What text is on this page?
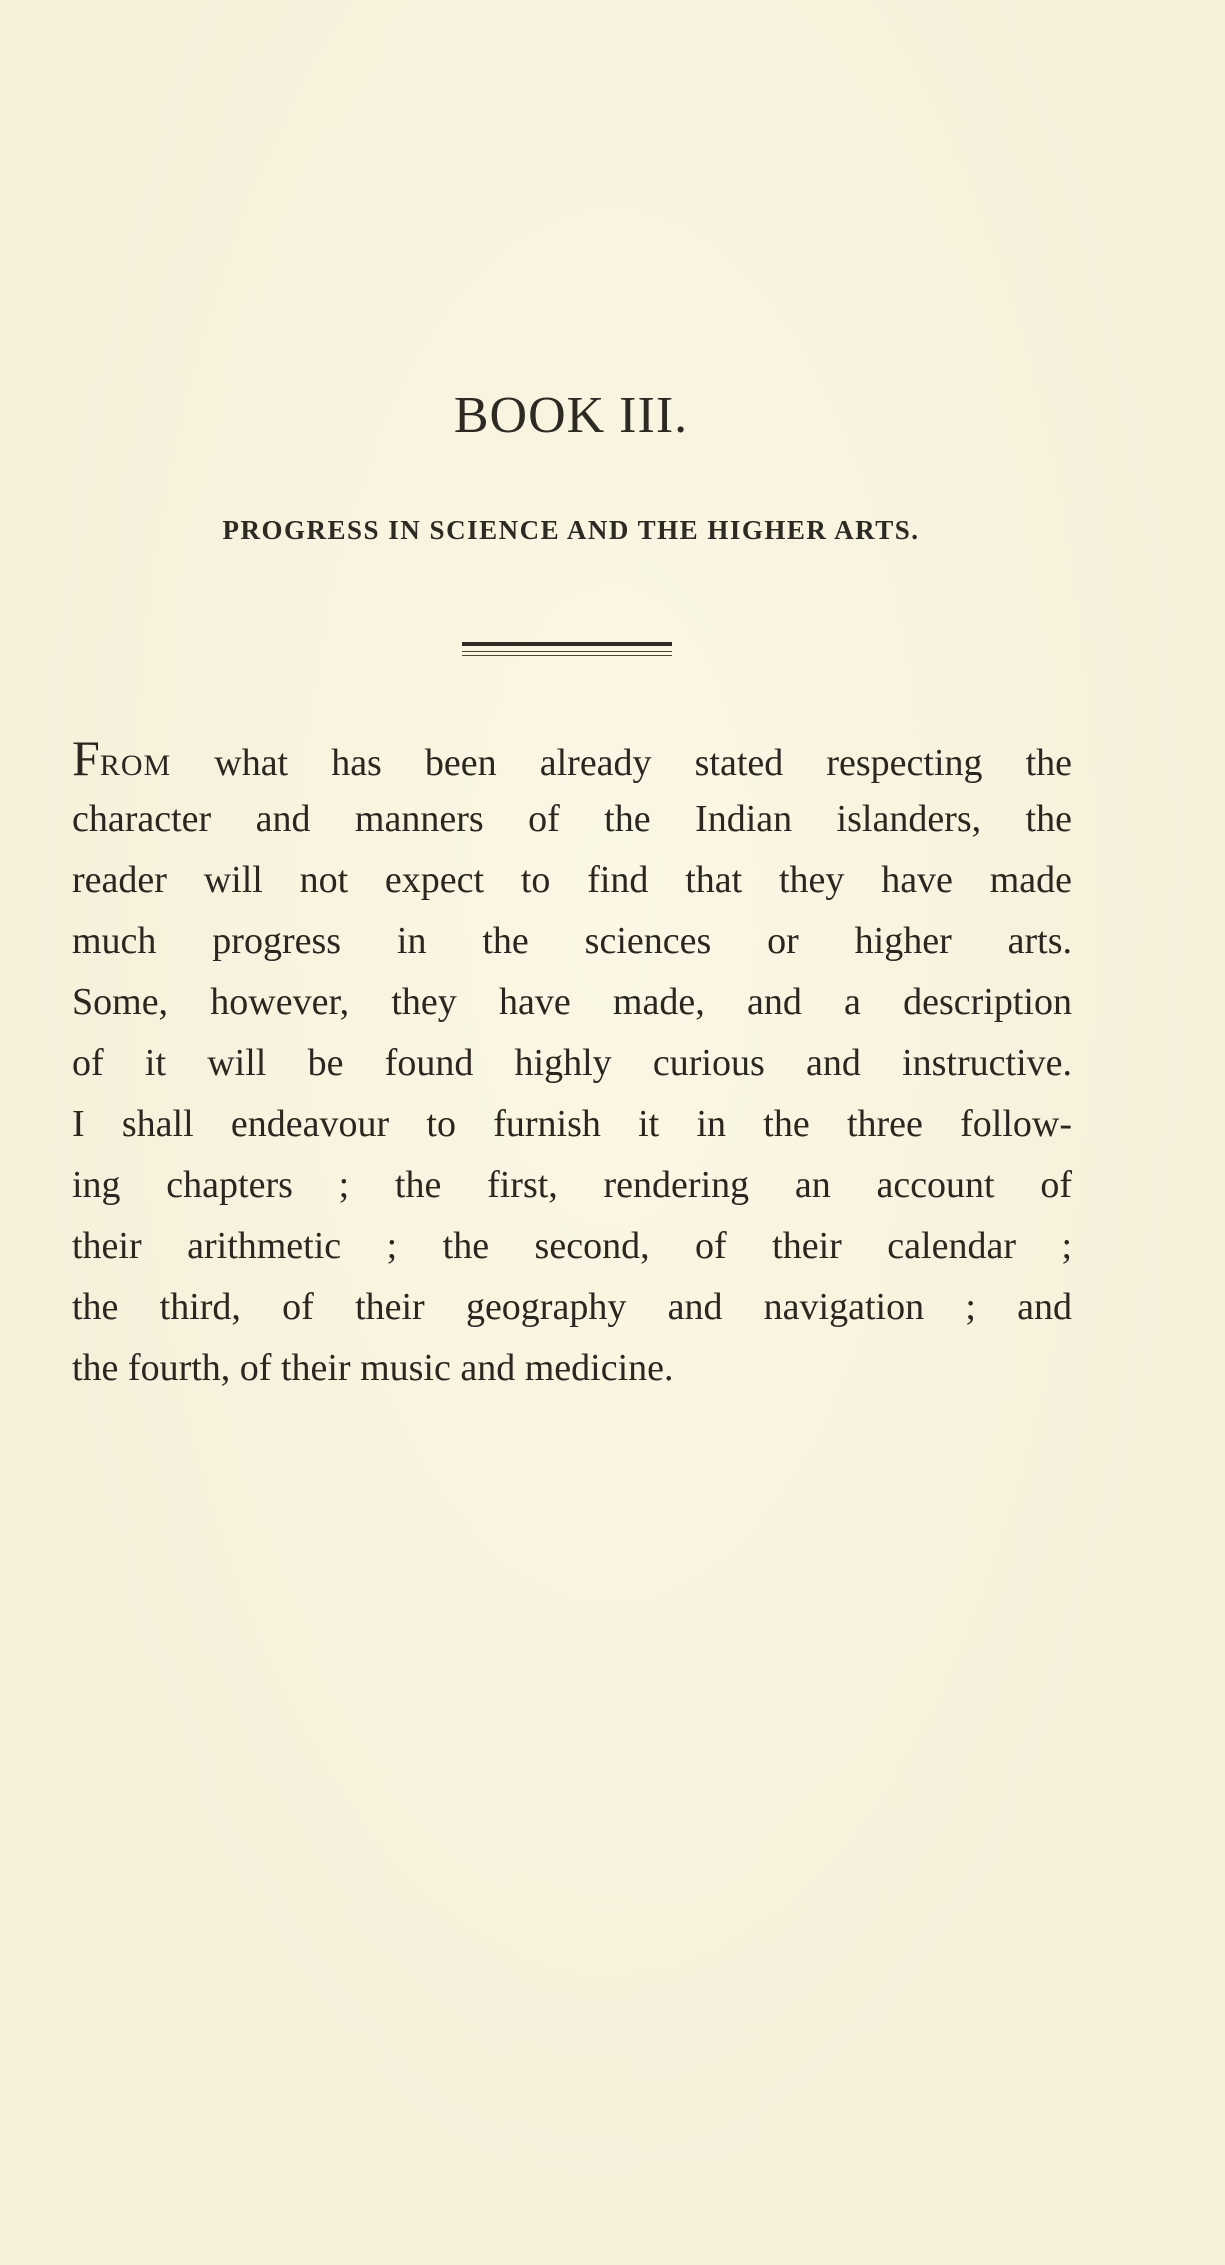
BOOK III.
PROGRESS IN SCIENCE AND THE HIGHER ARTS.
FROM what has been already stated respecting the
character and manners of the Indian islanders, the
reader will not expect to find that they have made
much progress in the sciences or higher arts.
Some, however, they have made, and a description
of it will be found highly curious and instructive.
I shall endeavour to furnish it in the three follow-
ing chapters ; the first, rendering an account of
their arithmetic ; the second, of their calendar ;
the third, of their geography and navigation ; and
the fourth, of their music and medicine.
